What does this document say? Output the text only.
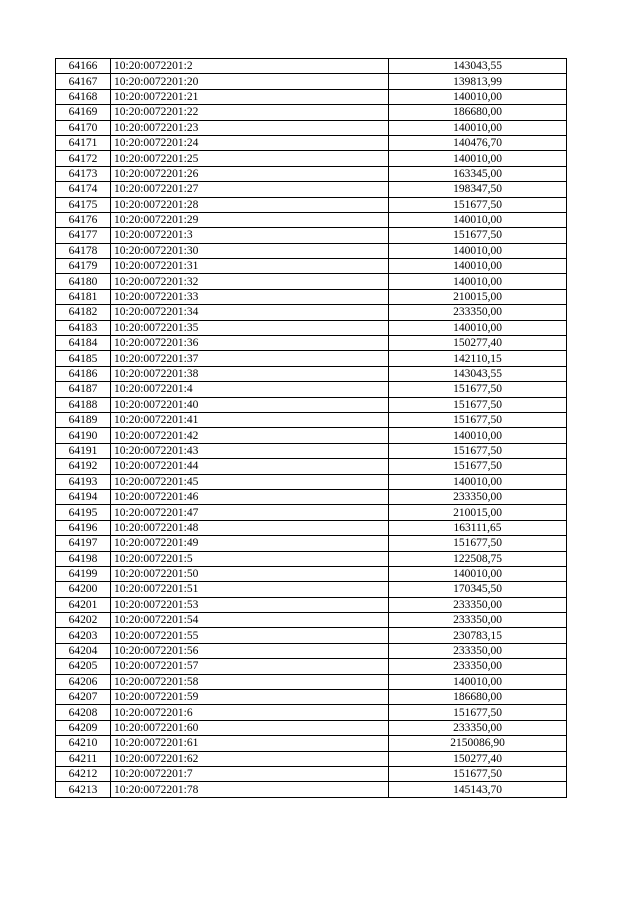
64166	10:20:0072201:2	143043,55
64167	10:20:0072201:20	139813,99
64168	10:20:0072201:21	140010,00
64169	10:20:0072201:22	186680,00
64170	10:20:0072201:23	140010,00
64171	10:20:0072201:24	140476,70
64172	10:20:0072201:25	140010,00
64173	10:20:0072201:26	163345,00
64174	10:20:0072201:27	198347,50
64175	10:20:0072201:28	151677,50
64176	10:20:0072201:29	140010,00
64177	10:20:0072201:3	151677,50
64178	10:20:0072201:30	140010,00
64179	10:20:0072201:31	140010,00
64180	10:20:0072201:32	140010,00
64181	10:20:0072201:33	210015,00
64182	10:20:0072201:34	233350,00
64183	10:20:0072201:35	140010,00
64184	10:20:0072201:36	150277,40
64185	10:20:0072201:37	142110,15
64186	10:20:0072201:38	143043,55
64187	10:20:0072201:4	151677,50
64188	10:20:0072201:40	151677,50
64189	10:20:0072201:41	151677,50
64190	10:20:0072201:42	140010,00
64191	10:20:0072201:43	151677,50
64192	10:20:0072201:44	151677,50
64193	10:20:0072201:45	140010,00
64194	10:20:0072201:46	233350,00
64195	10:20:0072201:47	210015,00
64196	10:20:0072201:48	163111,65
64197	10:20:0072201:49	151677,50
64198	10:20:0072201:5	122508,75
64199	10:20:0072201:50	140010,00
64200	10:20:0072201:51	170345,50
64201	10:20:0072201:53	233350,00
64202	10:20:0072201:54	233350,00
64203	10:20:0072201:55	230783,15
64204	10:20:0072201:56	233350,00
64205	10:20:0072201:57	233350,00
64206	10:20:0072201:58	140010,00
64207	10:20:0072201:59	186680,00
64208	10:20:0072201:6	151677,50
64209	10:20:0072201:60	233350,00
64210	10:20:0072201:61	2150086,90
64211	10:20:0072201:62	150277,40
64212	10:20:0072201:7	151677,50
64213	10:20:0072201:78	145143,70
